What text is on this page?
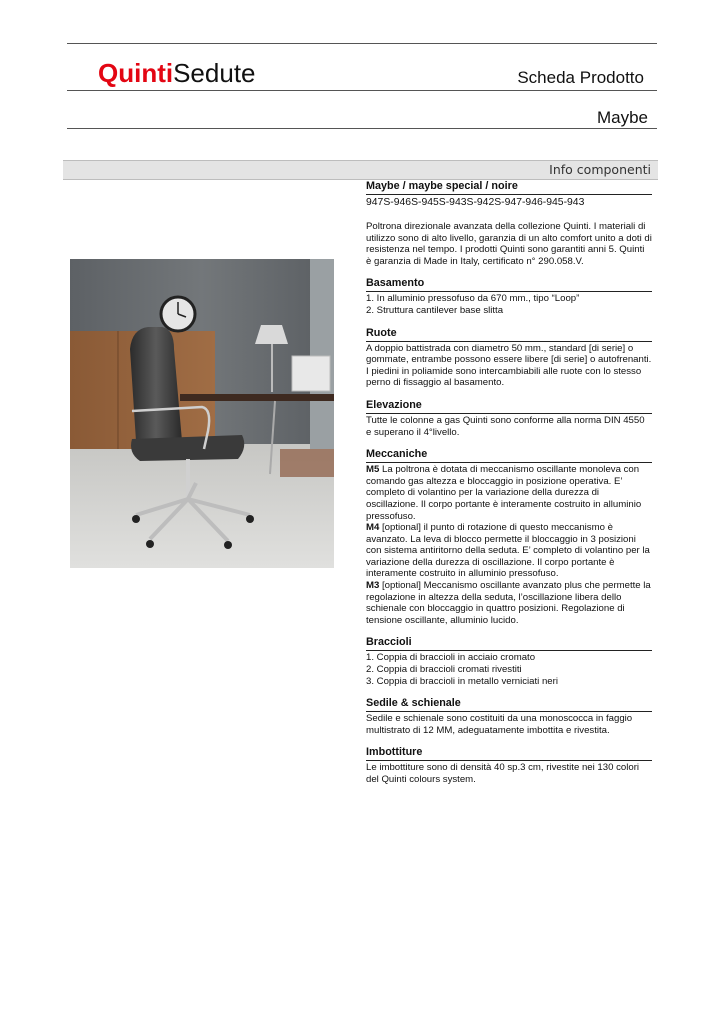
QuintiSedute	Scheda Prodotto
Maybe
Info componenti
Maybe / maybe special / noire

947S-946S-945S-943S-942S-947-946-945-943

Poltrona direzionale avanzata della collezione Quinti. I materiali di utilizzo sono di alto livello, garanzia di un alto comfort unito a doti di resistenza nel tempo. I prodotti Quinti sono garantiti anni 5. Quinti è garanzia di Made in Italy, certificato n° 290.058.V.

Basamento

1. In alluminio pressofuso da 670 mm., tipo “Loop”

2. Struttura cantilever base slitta

Ruote

A doppio battistrada con diametro 50 mm., standard [di serie] o gommate, entrambe possono essere libere [di serie] o autofrenanti. I piedini in poliamide sono intercambiabili alle ruote con lo stesso perno di fissaggio al basamento.

Elevazione

Tutte le colonne a gas Quinti sono conforme alla norma DIN 4550 e superano il 4°livello.

Meccaniche

M5 La poltrona è dotata di meccanismo oscillante monoleva con comando gas altezza e bloccaggio in posizione operativa. E’ completo di volantino per la variazione della durezza di oscillazione. Il corpo portante è interamente costruito in alluminio pressofuso.

M4 [optional] il punto di rotazione di questo meccanismo è avanzato. La leva di blocco permette il bloccaggio in 3 posizioni con sistema antiritorno della seduta. E’ completo di volantino per la variazione della durezza di oscillazione. Il corpo portante è interamente costruito in alluminio pressofuso.

M3 [optional] Meccanismo oscillante avanzato plus che permette la regolazione in altezza della seduta, l’oscillazione libera dello schienale con bloccaggio in quattro posizioni. Regolazione di tensione oscillante, alluminio lucido.

Braccioli

1. Coppia di braccioli in acciaio cromato

2. Coppia di braccioli cromati rivestiti

3. Coppia di braccioli in metallo verniciati neri

Sedile & schienale

Sedile e schienale sono costituiti da una monoscocca in faggio multistrato di 12 MM, adeguatamente imbottita e rivestita.

Imbottiture

Le imbottiture sono di densità 40 sp.3 cm, rivestite nei 130 colori del Quinti colours system.
